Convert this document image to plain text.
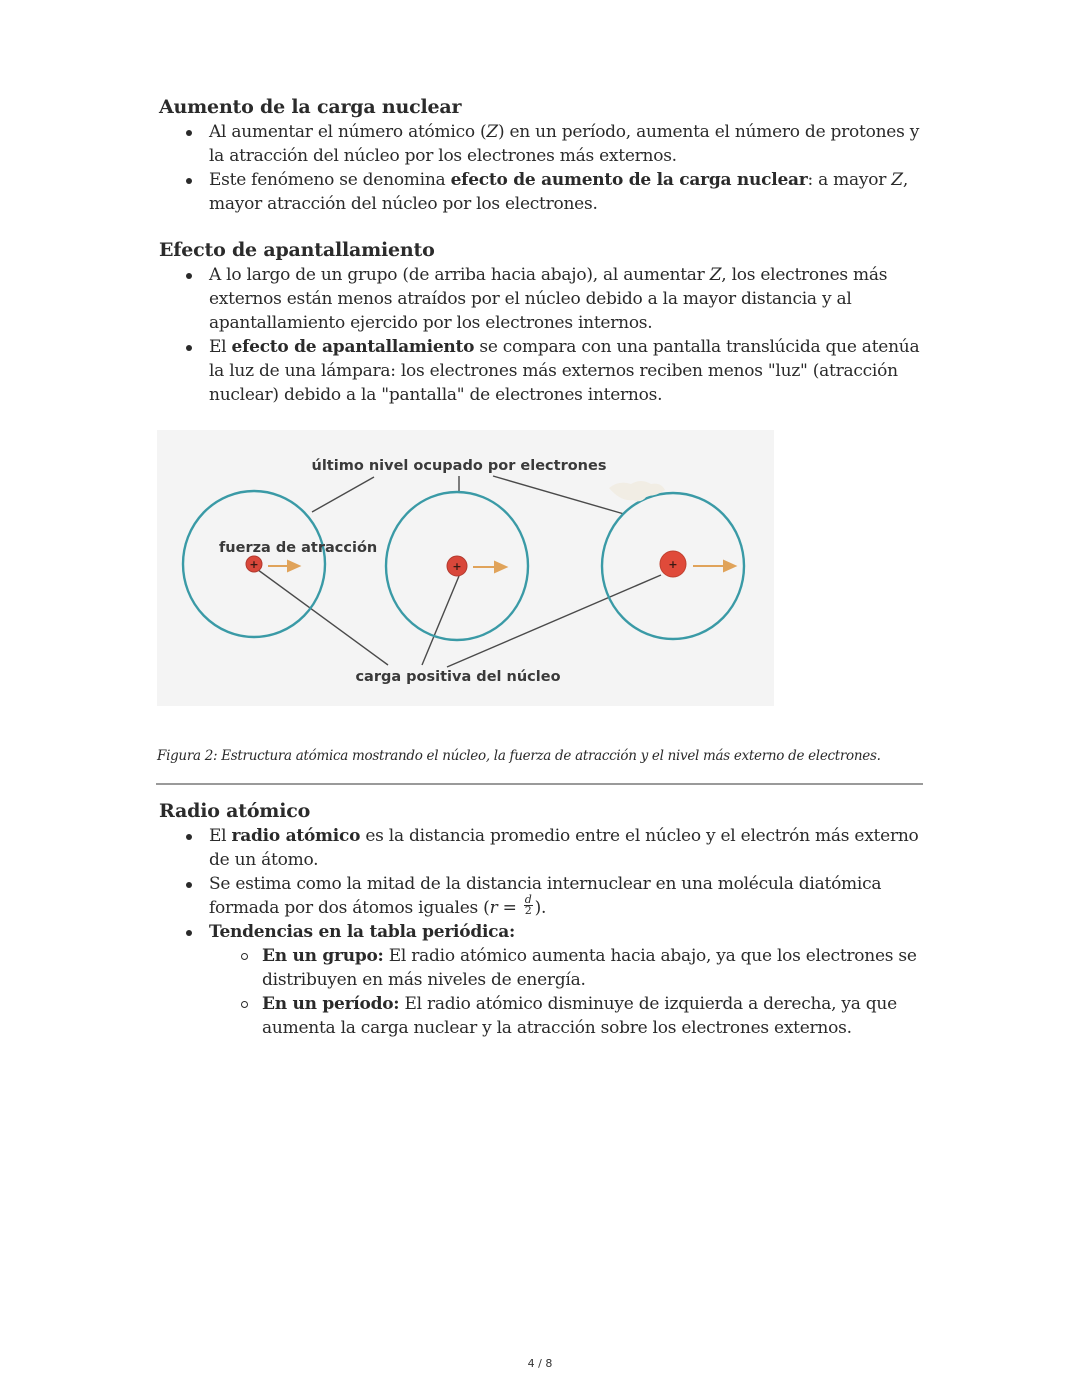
Aumento de la carga nuclear
Al aumentar el número atómico (Z) en un período, aumenta el número de protones y la atracción del núcleo por los electrones más externos.
Este fenómeno se denomina efecto de aumento de la carga nuclear: a mayor Z, mayor atracción del núcleo por los electrones.
Efecto de apantallamiento
A lo largo de un grupo (de arriba hacia abajo), al aumentar Z, los electrones más externos están menos atraídos por el núcleo debido a la mayor distancia y al apantallamiento ejercido por los electrones internos.
El efecto de apantallamiento se compara con una pantalla translúcida que atenúa la luz de una lámpara: los electrones más externos reciben menos "luz" (atracción nuclear) debido a la "pantalla" de electrones internos.
+	+	+
último nivel ocupado por electrones
fuerza de atracción
carga positiva del núcleo
Figura 2: Estructura atómica mostrando el núcleo, la fuerza de atracción y el nivel más externo de electrones.
Radio atómico
El radio atómico es la distancia promedio entre el núcleo y el electrón más externo de un átomo.
Se estima como la mitad de la distancia internuclear en una molécula diatómica formada por dos átomos iguales ($r = \frac{d}{2}$ ).
Tendencias en la tabla periódica:
En un grupo: El radio atómico aumenta hacia abajo, ya que los electrones se distribuyen en más niveles de energía.
En un período: El radio atómico disminuye de izquierda a derecha, ya que aumenta la carga nuclear y la atracción sobre los electrones externos.
4 / 8
